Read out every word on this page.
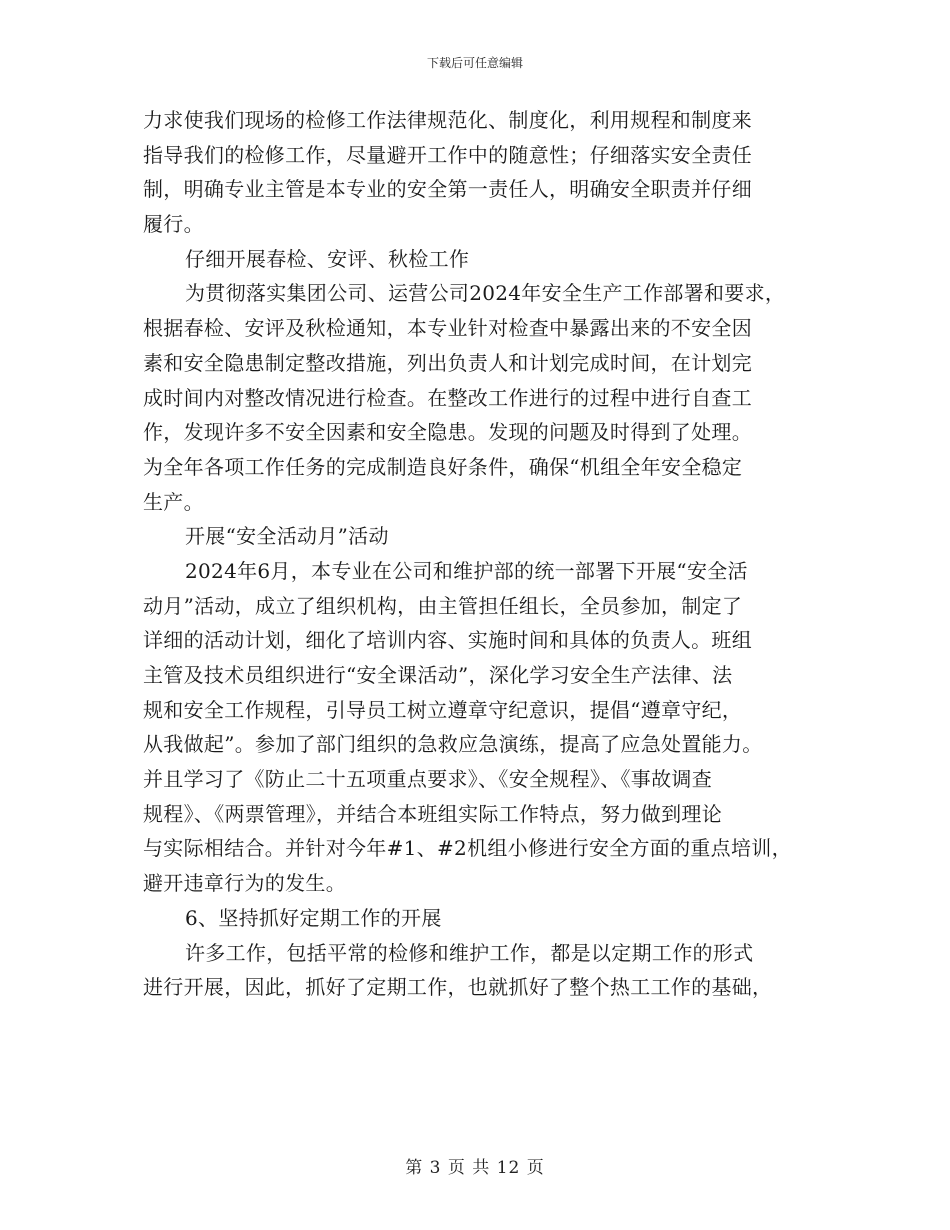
下载后可任意编辑
力求使我们现场的检修工作法律规范化、制度化，利用规程和制度来
指导我们的检修工作，尽量避开工作中的随意性；仔细落实安全责任
制，明确专业主管是本专业的安全第一责任人，明确安全职责并仔细
履行。
仔细开展春检、安评、秋检工作
为贯彻落实集团公司、运营公司2024年安全生产工作部署和要求，
根据春检、安评及秋检通知，本专业针对检查中暴露出来的不安全因
素和安全隐患制定整改措施，列出负责人和计划完成时间，在计划完
成时间内对整改情况进行检查。在整改工作进行的过程中进行自查工
作，发现许多不安全因素和安全隐患。发现的问题及时得到了处理。
为全年各项工作任务的完成制造良好条件，确保“机组全年安全稳定
生产。
开展“安全活动月”活动
2024年6月，本专业在公司和维护部的统一部署下开展“安全活
动月”活动，成立了组织机构，由主管担任组长，全员参加，制定了
详细的活动计划，细化了培训内容、实施时间和具体的负责人。班组
主管及技术员组织进行“安全课活动”，深化学习安全生产法律、法
规和安全工作规程，引导员工树立遵章守纪意识，提倡“遵章守纪，
从我做起”。参加了部门组织的急救应急演练，提高了应急处置能力。
并且学习了《防止二十五项重点要求》、《安全规程》、《事故调查
规程》、《两票管理》，并结合本班组实际工作特点，努力做到理论
与实际相结合。并针对今年#1、#2机组小修进行安全方面的重点培训，
避开违章行为的发生。
6、坚持抓好定期工作的开展
许多工作，包括平常的检修和维护工作，都是以定期工作的形式
进行开展，因此，抓好了定期工作，也就抓好了整个热工工作的基础，
第 3 页 共 12 页
